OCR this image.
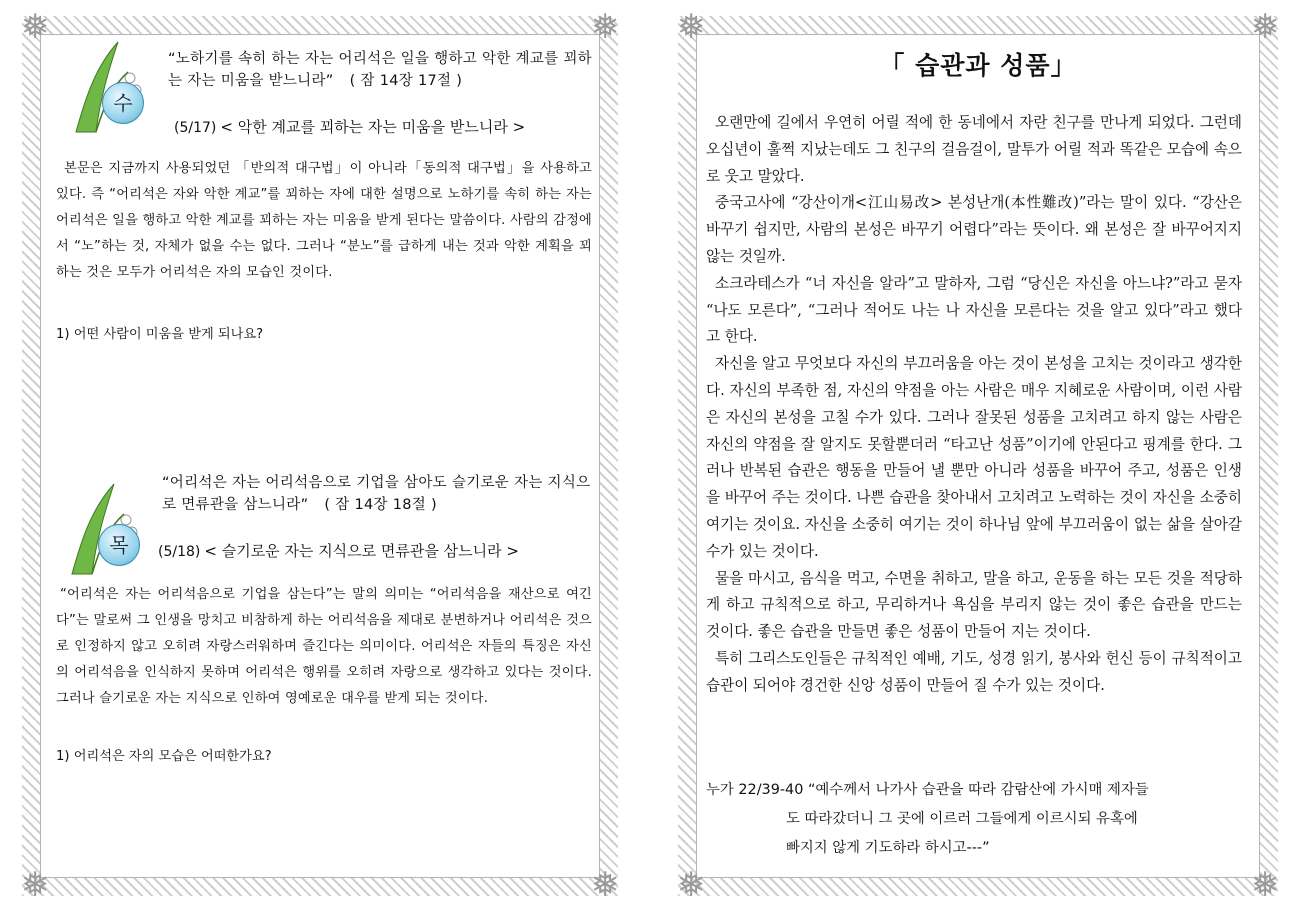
❅	❅
❅	❅
수
“노하기를 속히 하는 자는 어리석은 일을 행하고 악한 계교를 꾀하는 자는 미움을 받느니라” ( 잠 14장 17절 )
(5/17) < 악한 계교를 꾀하는 자는 미움을 받느니라 >
본문은 지금까지 사용되었던 「반의적 대구법」이 아니라「동의적 대구법」을 사용하고 있다. 즉 “어리석은 자와 악한 계교”를 꾀하는 자에 대한 설명으로 노하기를 속히 하는 자는 어리석은 일을 행하고 악한 계교를 꾀하는 자는 미움을 받게 된다는 말씀이다. 사람의 감정에서 “노”하는 것, 자체가 없을 수는 없다. 그러나 “분노”를 급하게 내는 것과 악한 계획을 꾀하는 것은 모두가 어리석은 자의 모습인 것이다.
1) 어떤 사람이 미움을 받게 되나요?
목
“어리석은 자는 어리석음으로 기업을 삼아도 슬기로운 자는 지식으로 면류관을 삼느니라” ( 잠 14장 18절 )
(5/18) < 슬기로운 자는 지식으로 면류관을 삼느니라 >
“어리석은 자는 어리석음으로 기업을 삼는다”는 말의 의미는 “어리석음을 재산으로 여긴다”는 말로써 그 인생을 망치고 비참하게 하는 어리석음을 제대로 분변하거나 어리석은 것으로 인정하지 않고 오히려 자랑스러워하며 즐긴다는 의미이다. 어리석은 자들의 특징은 자신의 어리석음을 인식하지 못하며 어리석은 행위를 오히려 자랑으로 생각하고 있다는 것이다. 그러나 슬기로운 자는 지식으로 인하여 영예로운 대우를 받게 되는 것이다.
1) 어리석은 자의 모습은 어떠한가요?
❅	❅
❅	❅
「 습관과 성품」

오랜만에 길에서 우연히 어릴 적에 한 동네에서 자란 친구를 만나게 되었다. 그런데 오십년이 훌쩍 지났는데도 그 친구의 걸음걸이, 말투가 어릴 적과 똑같은 모습에 속으로 웃고 말았다.

중국고사에 “강산이개<江山易改> 본성난개(本性難改)”라는 말이 있다. “강산은 바꾸기 쉽지만, 사람의 본성은 바꾸기 어렵다”라는 뜻이다. 왜 본성은 잘 바꾸어지지 않는 것일까.

소크라테스가 “너 자신을 알라”고 말하자, 그럼 “당신은 자신을 아느냐?”라고 묻자 “나도 모른다”, “그러나 적어도 나는 나 자신을 모른다는 것을 알고 있다”라고 했다고 한다.

자신을 알고 무엇보다 자신의 부끄러움을 아는 것이 본성을 고치는 것이라고 생각한다. 자신의 부족한 점, 자신의 약점을 아는 사람은 매우 지혜로운 사람이며, 이런 사람은 자신의 본성을 고칠 수가 있다. 그러나 잘못된 성품을 고치려고 하지 않는 사람은 자신의 약점을 잘 알지도 못할뿐더러 “타고난 성품”이기에 안된다고 핑계를 한다. 그러나 반복된 습관은 행동을 만들어 낼 뿐만 아니라 성품을 바꾸어 주고, 성품은 인생을 바꾸어 주는 것이다. 나쁜 습관을 찾아내서 고치려고 노력하는 것이 자신을 소중히 여기는 것이요. 자신을 소중히 여기는 것이 하나님 앞에 부끄러움이 없는 삶을 살아갈 수가 있는 것이다.

물을 마시고, 음식을 먹고, 수면을 취하고, 말을 하고, 운동을 하는 모든 것을 적당하게 하고 규칙적으로 하고, 무리하거나 욕심을 부리지 않는 것이 좋은 습관을 만드는 것이다. 좋은 습관을 만들면 좋은 성품이 만들어 지는 것이다.

특히 그리스도인들은 규칙적인 예배, 기도, 성경 읽기, 봉사와 헌신 등이 규칙적이고 습관이 되어야 경건한 신앙 성품이 만들어 질 수가 있는 것이다.

누가 22/39-40 “예수께서 나가사 습관을 따라 감람산에 가시매 제자들
도 따라갔더니 그 곳에 이르러 그들에게 이르시되 유혹에
빠지지 않게 기도하라 하시고---”
